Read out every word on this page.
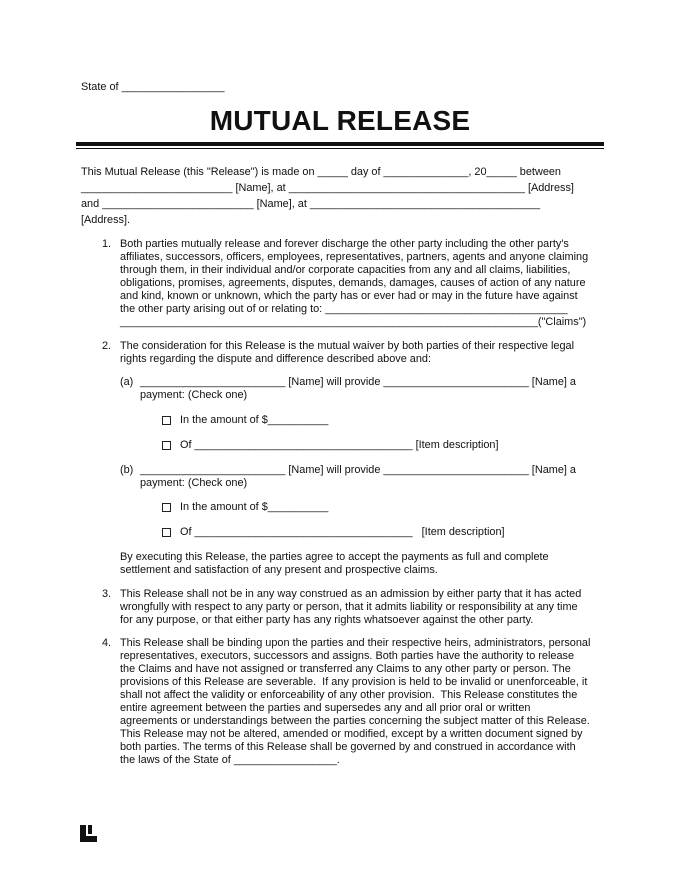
State of _________________
MUTUAL RELEASE
This Mutual Release (this "Release") is made on _____ day of ______________, 20_____ between
_________________________ [Name], at _______________________________________ [Address]
and _________________________ [Name], at ______________________________________
[Address].
1. Both parties mutually release and forever discharge the other party including the other party's
affiliates, successors, officers, employees, representatives, partners, agents and anyone claiming
through them, in their individual and/or corporate capacities from any and all claims, liabilities,
obligations, promises, agreements, disputes, demands, damages, causes of action of any nature
and kind, known or unknown, which the party has or ever had or may in the future have against
the other party arising out of or relating to: ________________________________________
_____________________________________________________________________("Claims")
2. The consideration for this Release is the mutual waiver by both parties of their respective legal
rights regarding the dispute and difference described above and:
(a) ________________________ [Name] will provide ________________________ [Name] a
payment: (Check one)
In the amount of $__________
Of ____________________________________ [Item description]
(b) ________________________ [Name] will provide ________________________ [Name] a
payment: (Check one)
In the amount of $__________
Of ____________________________________   [Item description]
By executing this Release, the parties agree to accept the payments as full and complete
settlement and satisfaction of any present and prospective claims.
3. This Release shall not be in any way construed as an admission by either party that it has acted
wrongfully with respect to any party or person, that it admits liability or responsibility at any time
for any purpose, or that either party has any rights whatsoever against the other party.
4. This Release shall be binding upon the parties and their respective heirs, administrators, personal
representatives, executors, successors and assigns. Both parties have the authority to release
the Claims and have not assigned or transferred any Claims to any other party or person. The
provisions of this Release are severable.  If any provision is held to be invalid or unenforceable, it
shall not affect the validity or enforceability of any other provision.  This Release constitutes the
entire agreement between the parties and supersedes any and all prior oral or written
agreements or understandings between the parties concerning the subject matter of this Release.
This Release may not be altered, amended or modified, except by a written document signed by
both parties. The terms of this Release shall be governed by and construed in accordance with
the laws of the State of _________________.
